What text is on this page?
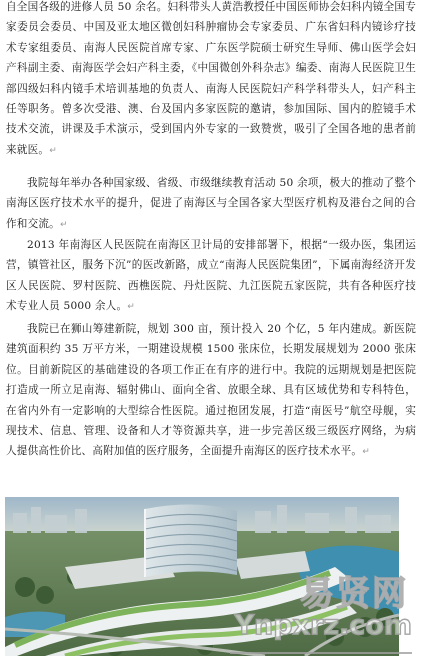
自全国各级的进修人员 50 余名。妇科带头人黄浩教授任中国医师协会妇科内镜全国专家委员会委员、中国及亚太地区微创妇科肿瘤协会专家委员、广东省妇科内镜诊疗技术专家组委员、南海人民医院首席专家、广东医学院硕士研究生导师、佛山医学会妇产科副主委、南海医学会妇产科主委，《中国微创外科杂志》编委、南海人民医院卫生部四级妇科内镜手术培训基地的负责人、南海人民医院妇产科学科带头人，妇产科主任等职务。曾多次受港、澳、台及国内多家医院的邀请，参加国际、国内的腔镜手术技术交流，讲课及手术演示，受到国内外专家的一致赞赏，吸引了全国各地的患者前来就医。↵

我院每年举办各种国家级、省级、市级继续教育活动 50 余项，极大的推动了整个南海区医疗技术水平的提升，促进了南海区与全国各家大型医疗机构及港台之间的合作和交流。↵

2013 年南海区人民医院在南海区卫计局的安排部署下，根据“一级办医，集团运营，镇管社区，服务下沉”的医改新路，成立“南海人民医院集团”，下属南海经济开发区人民医院、罗村医院、西樵医院、丹灶医院、九江医院五家医院，共有各种医疗技术专业人员 5000 余人。↵

我院已在狮山筹建新院，规划 300 亩，预计投入 20 个亿，5 年内建成。新医院建筑面积约 35 万平方米，一期建设规模 1500 张床位，长期发展规划为 2000 张床位。目前新院区的基础建设的各项工作正在有序的进行中。我院的远期规划是把医院打造成一所立足南海、辐射佛山、面向全省、放眼全球、具有区域优势和专科特色，在省内外有一定影响的大型综合性医院。通过抱团发展，打造“南医号”航空母舰，实现技术、信息、管理、设备和人才等资源共享，进一步完善区级三级医疗网络，为病人提供高性价比、高附加值的医疗服务，全面提升南海区的医疗技术水平。↵

易贤网
Ynpxrz.com
